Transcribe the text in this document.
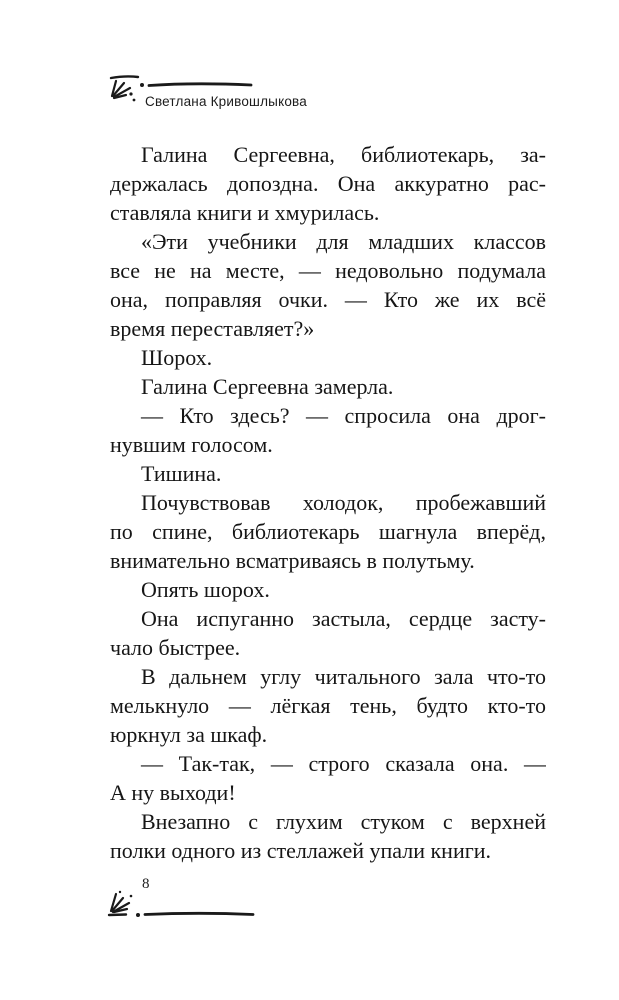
Светлана Кривошлыкова
Галина Сергеевна, библиотекарь, за-
держалась допоздна. Она аккуратно рас-
ставляла книги и хмурилась.
«Эти учебники для младших классов
все не на месте, — недовольно подумала
она, поправляя очки. — Кто же их всё
время переставляет?»
Шорох.
Галина Сергеевна замерла.
— Кто здесь? — спросила она дрог-
нувшим голосом.
Тишина.
Почувствовав холодок, пробежавший
по спине, библиотекарь шагнула вперёд,
внимательно всматриваясь в полутьму.
Опять шорох.
Она испуганно застыла, сердце засту-
чало быстрее.
В дальнем углу читального зала что-то
мелькнуло — лёгкая тень, будто кто-то
юркнул за шкаф.
— Так-так, — строго сказала она. —
А ну выходи!
Внезапно с глухим стуком с верхней
полки одного из стеллажей упали книги.
8
